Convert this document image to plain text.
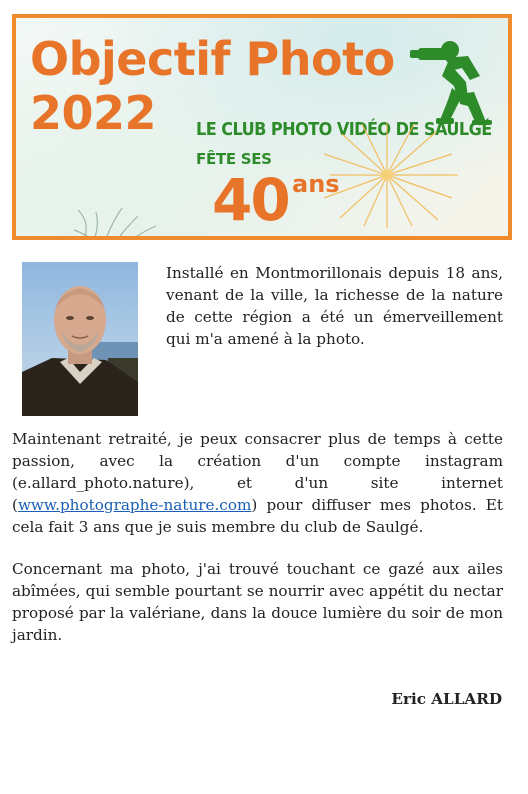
Objectif Photo
2022	LE CLUB PHOTO VIDÉO DE SAULGÉ
FÊTE SES
40 ans

Installé en Montmorillonais depuis 18 ans, venant de la ville, la richesse de la nature de cette région a été un émerveillement qui m'a amené à la photo.

Maintenant retraité, je peux consacrer plus de temps à cette passion, avec la création d'un compte instagram (e.allard_photo.nature), et d'un site internet (www.photographe-nature.com) pour diffuser mes photos. Et cela fait 3 ans que je suis membre du club de Saulgé.

Concernant ma photo, j'ai trouvé touchant ce gazé aux ailes abîmées, qui semble pourtant se nourrir avec appétit du nectar proposé par la valériane, dans la douce lumière du soir de mon jardin.

Eric ALLARD
